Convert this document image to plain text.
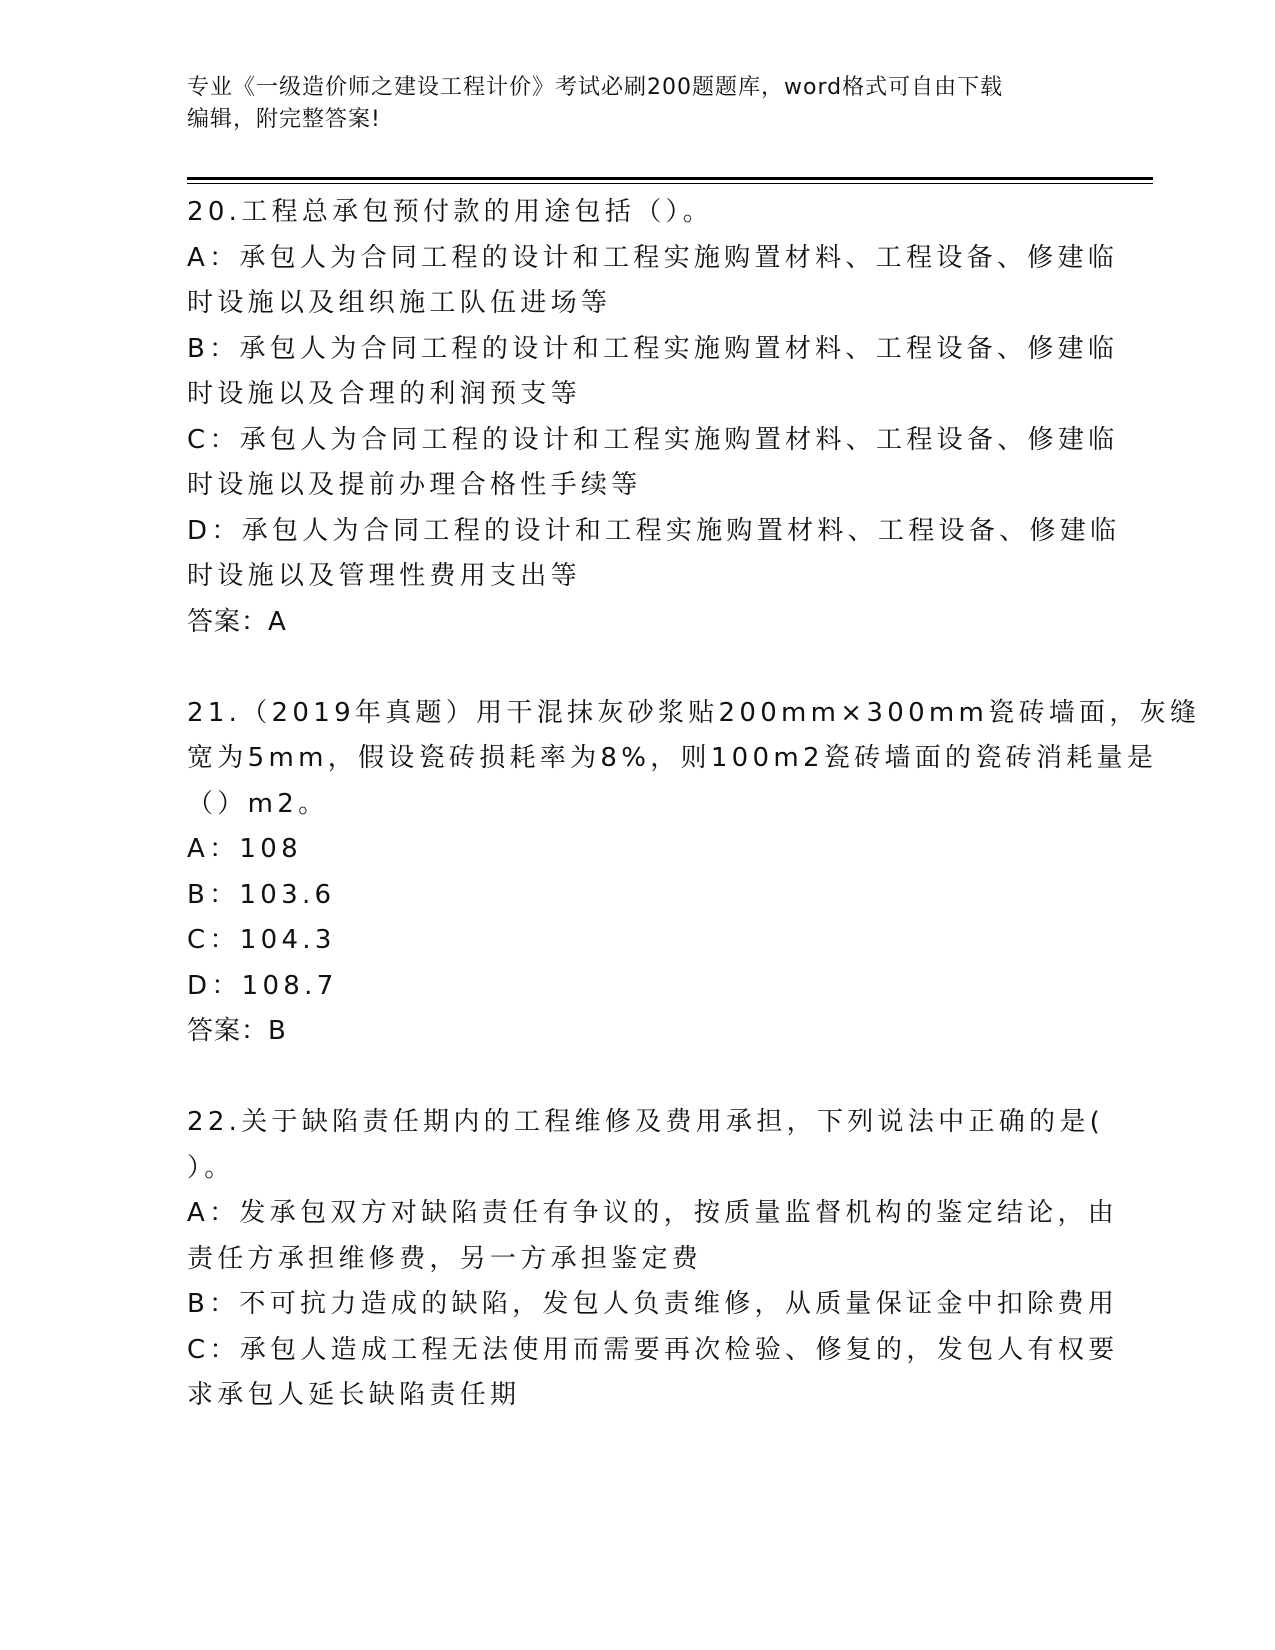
专业《一级造价师之建设工程计价》考试必刷200题题库，word格式可自由下载
编辑，附完整答案!
20.工程总承包预付款的用途包括（）。
A：承包人为合同工程的设计和工程实施购置材料、工程设备、修建临
时设施以及组织施工队伍进场等
B：承包人为合同工程的设计和工程实施购置材料、工程设备、修建临
时设施以及合理的利润预支等
C：承包人为合同工程的设计和工程实施购置材料、工程设备、修建临
时设施以及提前办理合格性手续等
D：承包人为合同工程的设计和工程实施购置材料、工程设备、修建临
时设施以及管理性费用支出等
答案：A
21.（2019年真题）用干混抹灰砂浆贴200mm×300mm瓷砖墙面，灰缝
宽为5mm，假设瓷砖损耗率为8%，则100m2瓷砖墙面的瓷砖消耗量是
（）m2。
A：108
B：103.6
C：104.3
D：108.7
答案：B
22.关于缺陷责任期内的工程维修及费用承担，下列说法中正确的是(
）。
A：发承包双方对缺陷责任有争议的，按质量监督机构的鉴定结论，由
责任方承担维修费，另一方承担鉴定费
B：不可抗力造成的缺陷，发包人负责维修，从质量保证金中扣除费用
C：承包人造成工程无法使用而需要再次检验、修复的，发包人有权要
求承包人延长缺陷责任期
